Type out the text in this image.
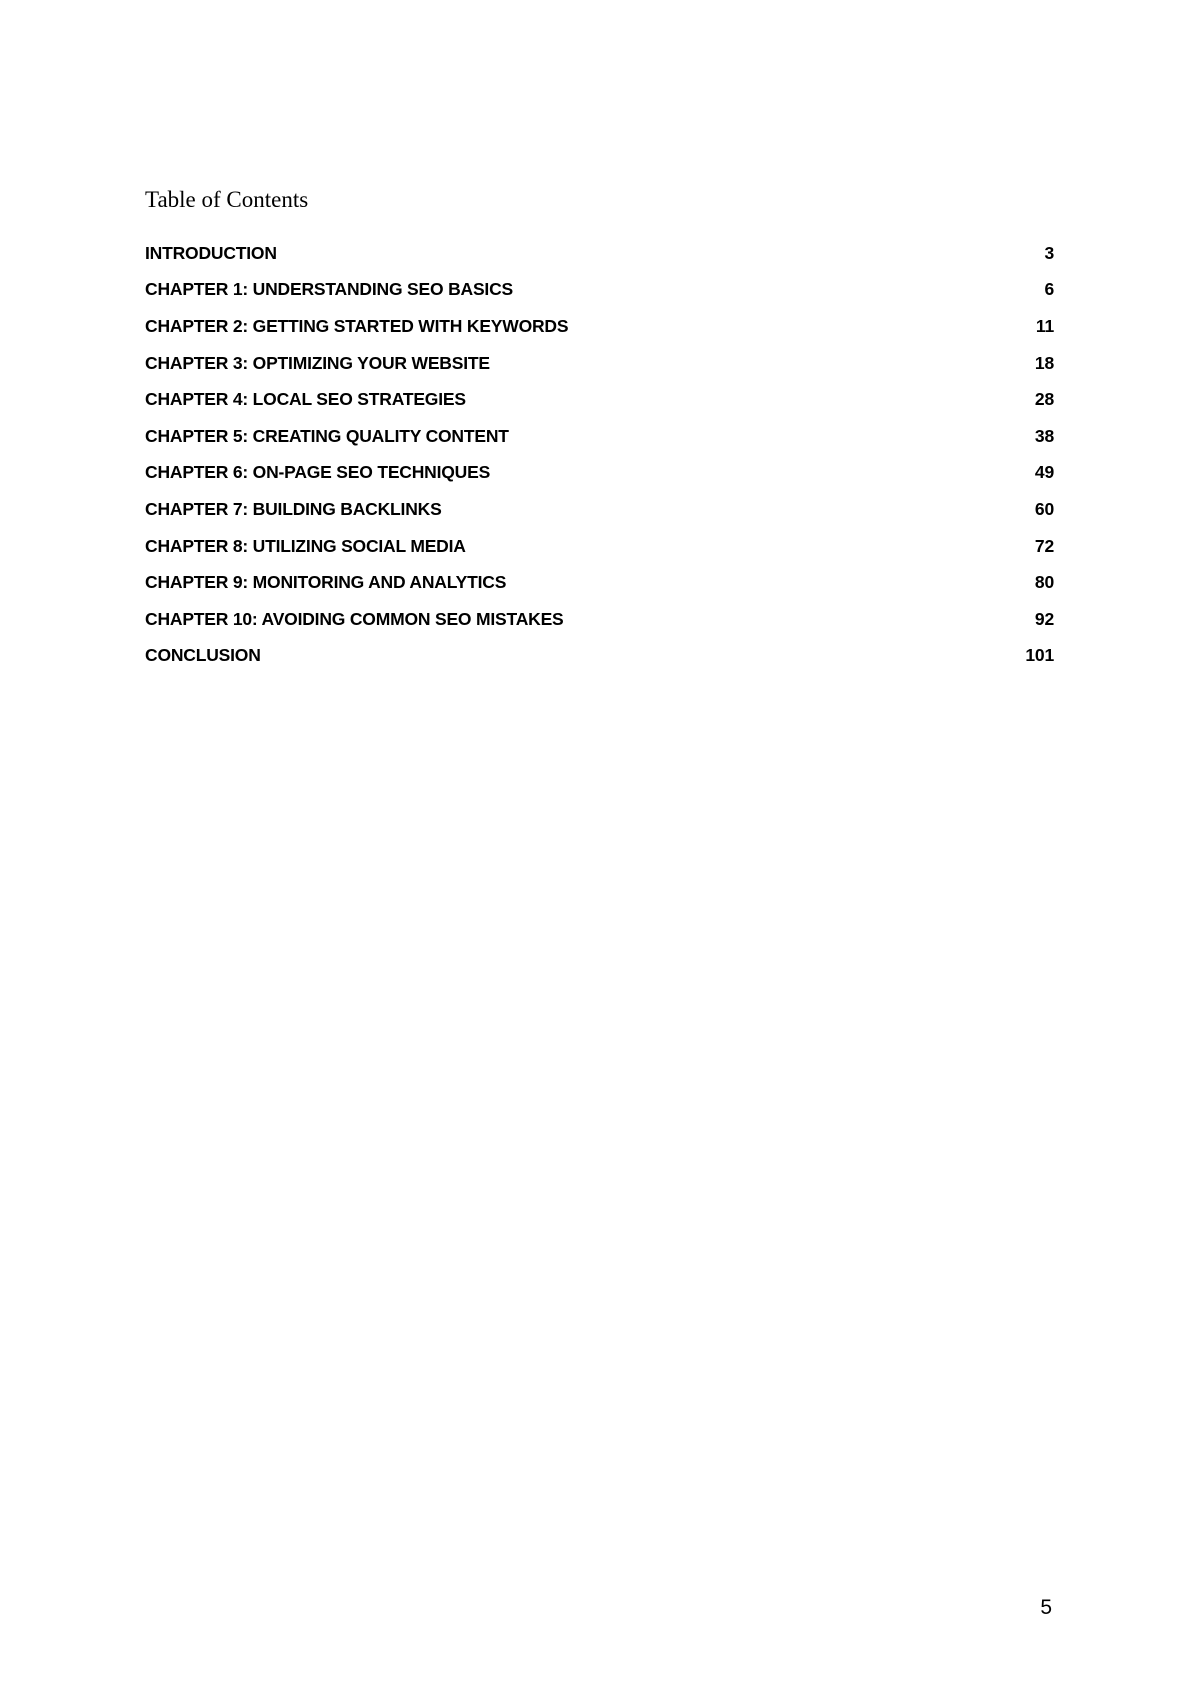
Table of Contents
INTRODUCTION	3
CHAPTER 1: UNDERSTANDING SEO BASICS	6
CHAPTER 2: GETTING STARTED WITH KEYWORDS	11
CHAPTER 3: OPTIMIZING YOUR WEBSITE	18
CHAPTER 4: LOCAL SEO STRATEGIES	28
CHAPTER 5: CREATING QUALITY CONTENT	38
CHAPTER 6: ON-PAGE SEO TECHNIQUES	49
CHAPTER 7: BUILDING BACKLINKS	60
CHAPTER 8: UTILIZING SOCIAL MEDIA	72
CHAPTER 9: MONITORING AND ANALYTICS	80
CHAPTER 10: AVOIDING COMMON SEO MISTAKES	92
CONCLUSION	101
5
